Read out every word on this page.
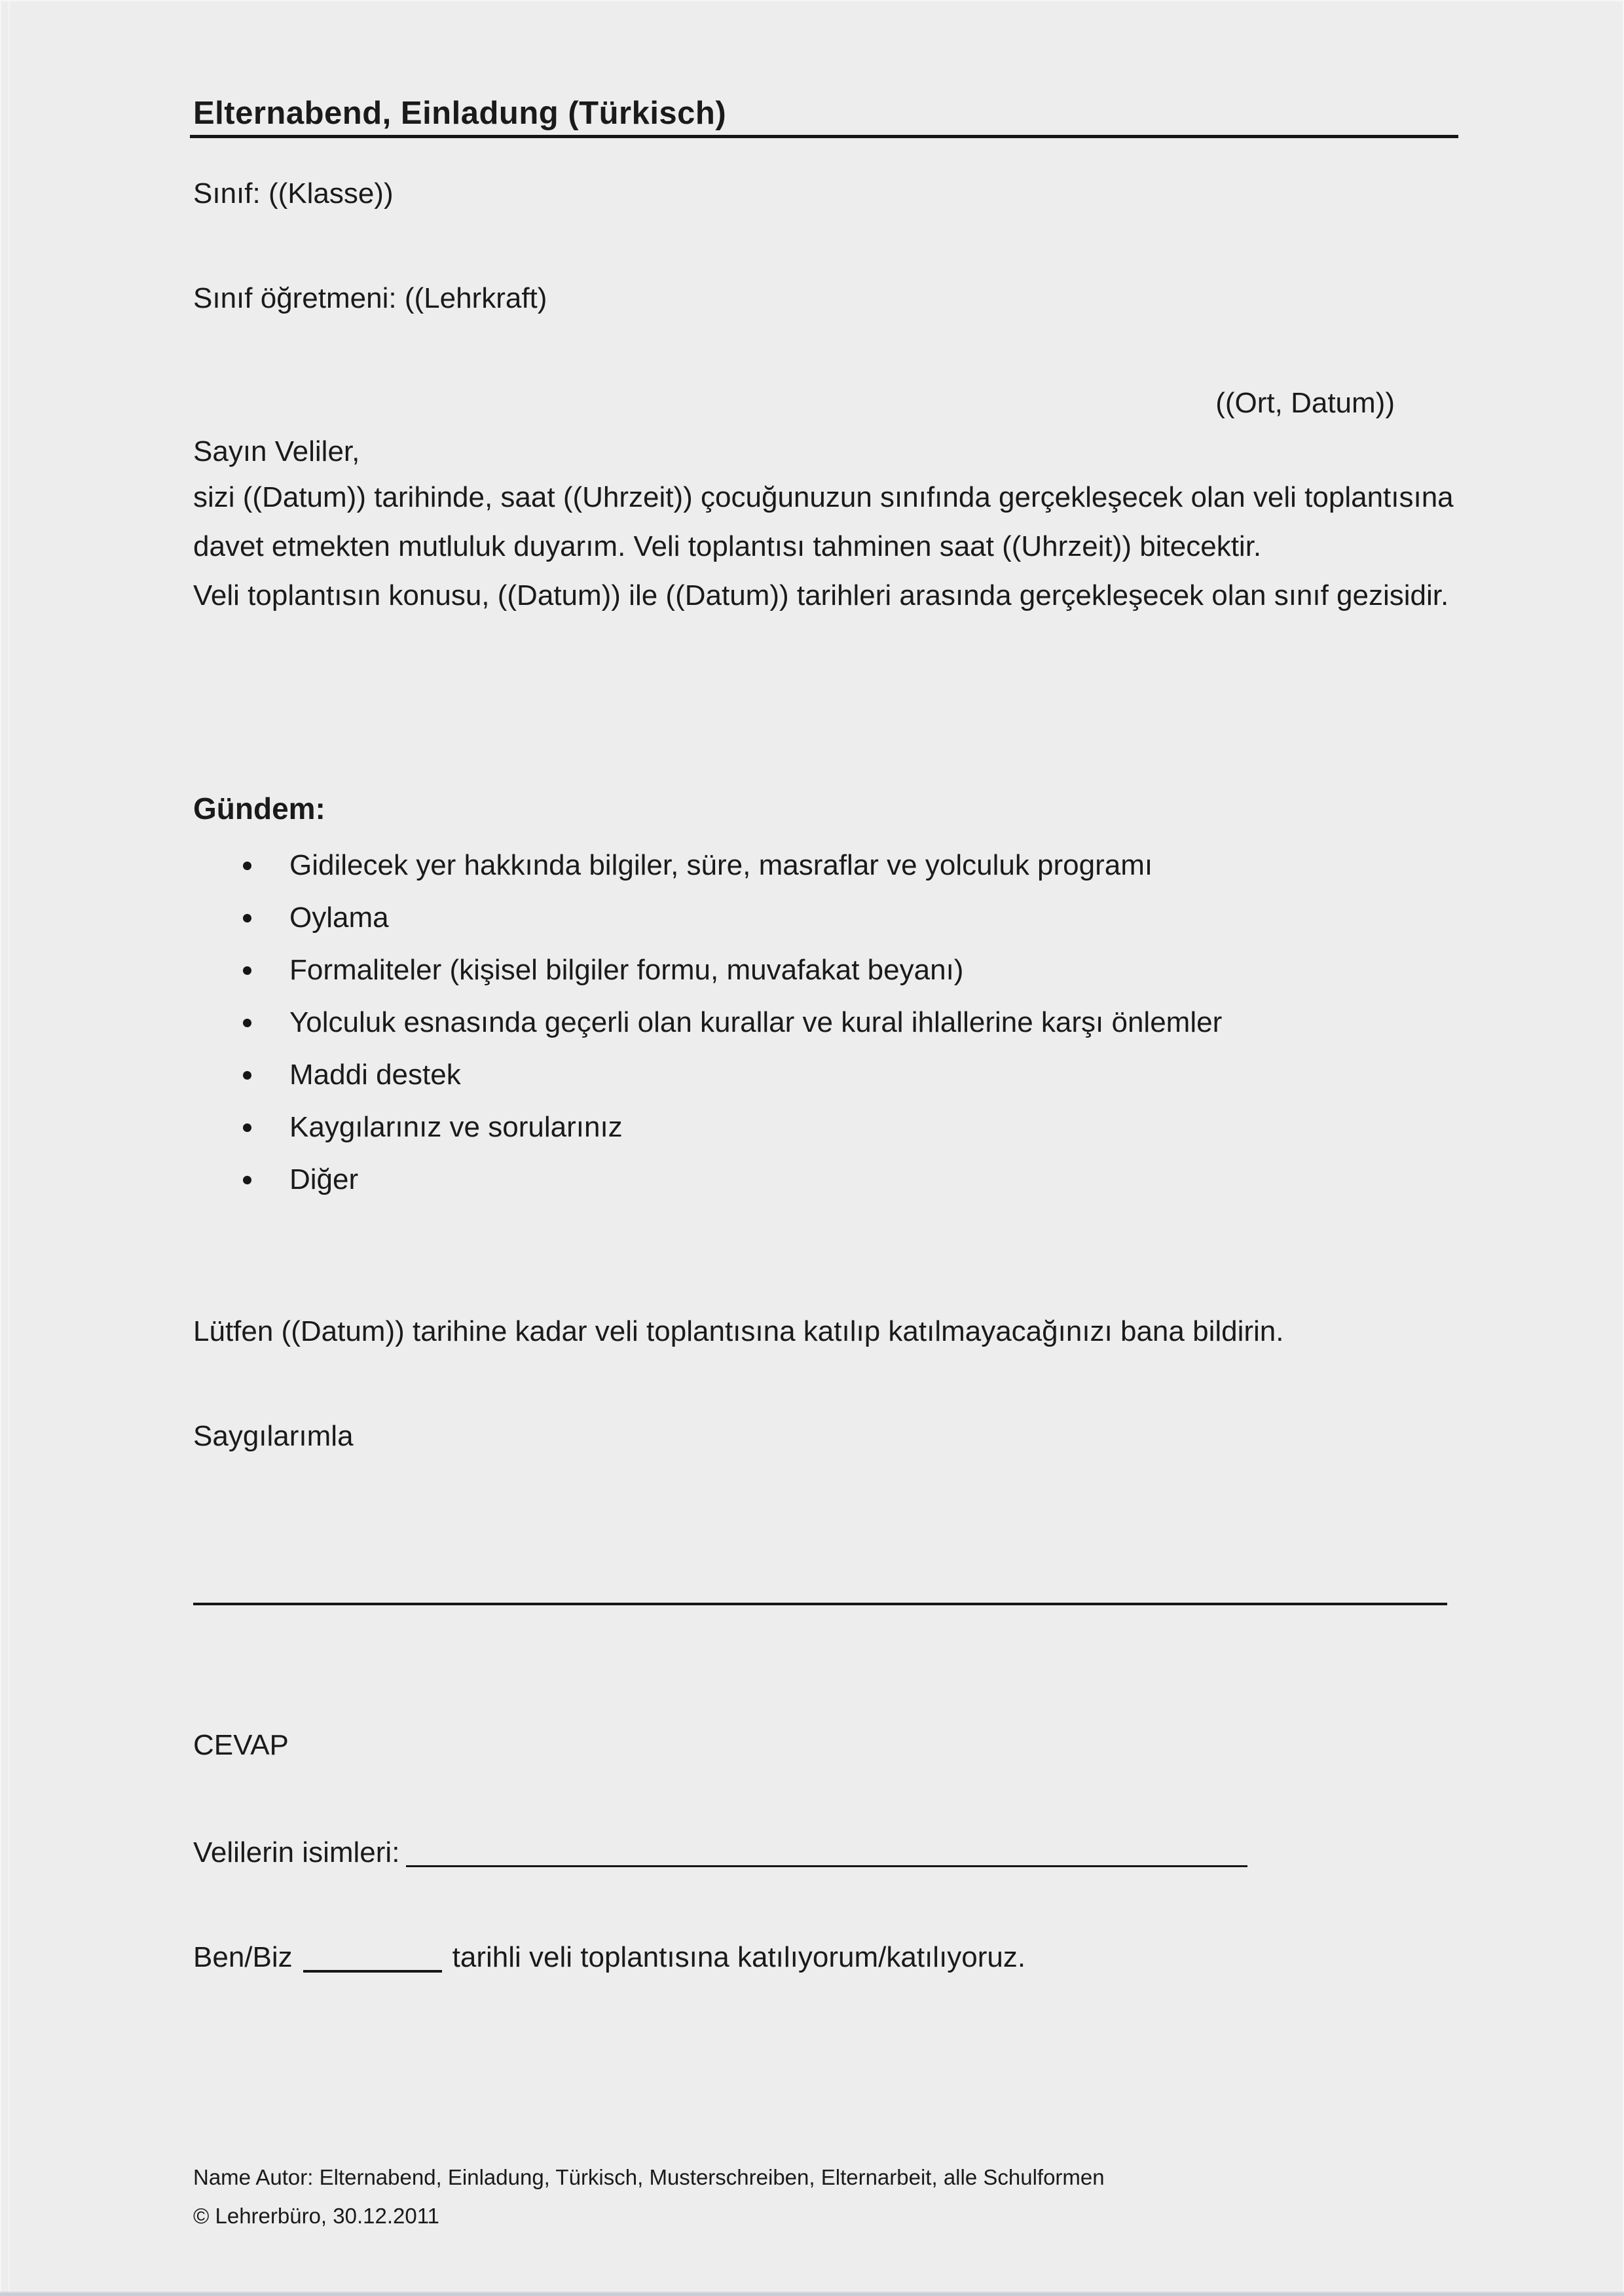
Elternabend, Einladung (Türkisch)

Sınıf: ((Klasse))

Sınıf öğretmeni: ((Lehrkraft)

((Ort, Datum))

Sayın Veliler,

sizi ((Datum)) tarihinde, saat ((Uhrzeit)) çocuğunuzun sınıfında gerçekleşecek olan veli toplantısına davet etmekten mutluluk duyarım. Veli toplantısı tahminen saat ((Uhrzeit)) bitecektir.

Veli toplantısın konusu, ((Datum)) ile ((Datum)) tarihleri arasında gerçekleşecek olan sınıf gezisidir.

Gündem:
Gidilecek yer hakkında bilgiler, süre, masraflar ve yolculuk programı
Oylama
Formaliteler (kişisel bilgiler formu, muvafakat beyanı)
Yolculuk esnasında geçerli olan kurallar ve kural ihlallerine karşı önlemler
Maddi destek
Kaygılarınız ve sorularınız
Diğer

Lütfen ((Datum)) tarihine kadar veli toplantısına katılıp katılmayacağınızı bana bildirin.

Saygılarımla

CEVAP

Velilerin isimleri:

Ben/Biz	tarihli veli toplantısına katılıyorum/katılıyoruz.

Name Autor: Elternabend, Einladung, Türkisch, Musterschreiben, Elternarbeit, alle Schulformen

© Lehrerbüro, 30.12.2011
